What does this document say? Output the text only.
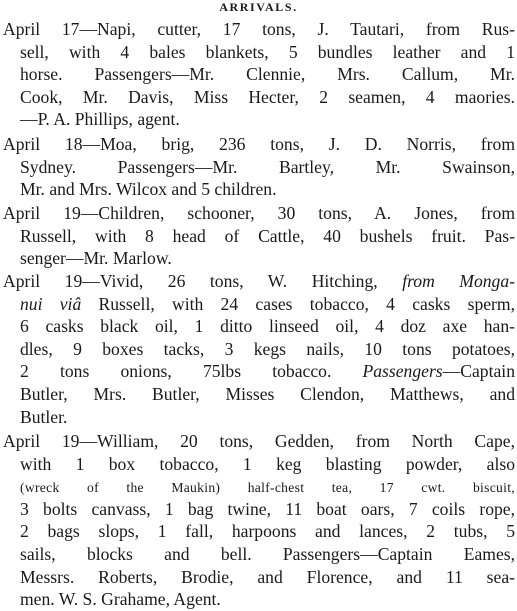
ARRIVALS.
April 17—Napi, cutter, 17 tons, J. Tautari, from Rus-
sell, with 4 bales blankets, 5 bundles leather and 1
horse. Passengers—Mr. Clennie, Mrs. Callum, Mr.
Cook, Mr. Davis, Miss Hecter, 2 seamen, 4 maories.
—P. A. Phillips, agent.
April 18—Moa, brig, 236 tons, J. D. Norris, from
Sydney. Passengers—Mr. Bartley, Mr. Swainson,
Mr. and Mrs. Wilcox and 5 children.
April 19—Children, schooner, 30 tons, A. Jones, from
Russell, with 8 head of Cattle, 40 bushels fruit. Pas-
senger—Mr. Marlow.
April 19—Vivid, 26 tons, W. Hitching, from Monga-
nui viâ Russell, with 24 cases tobacco, 4 casks sperm,
6 casks black oil, 1 ditto linseed oil, 4 doz axe han-
dles, 9 boxes tacks, 3 kegs nails, 10 tons potatoes,
2 tons onions, 75lbs tobacco. Passengers—Captain
Butler, Mrs. Butler, Misses Clendon, Matthews, and
Butler.
April 19—William, 20 tons, Gedden, from North Cape,
with 1 box tobacco, 1 keg blasting powder, also
(wreck of the Maukin) half-chest tea, 17 cwt. biscuit,
3 bolts canvass, 1 bag twine, 11 boat oars, 7 coils rope,
2 bags slops, 1 fall, harpoons and lances, 2 tubs, 5
sails, blocks and bell. Passengers—Captain Eames,
Messrs. Roberts, Brodie, and Florence, and 11 sea-
men. W. S. Grahame, Agent.
